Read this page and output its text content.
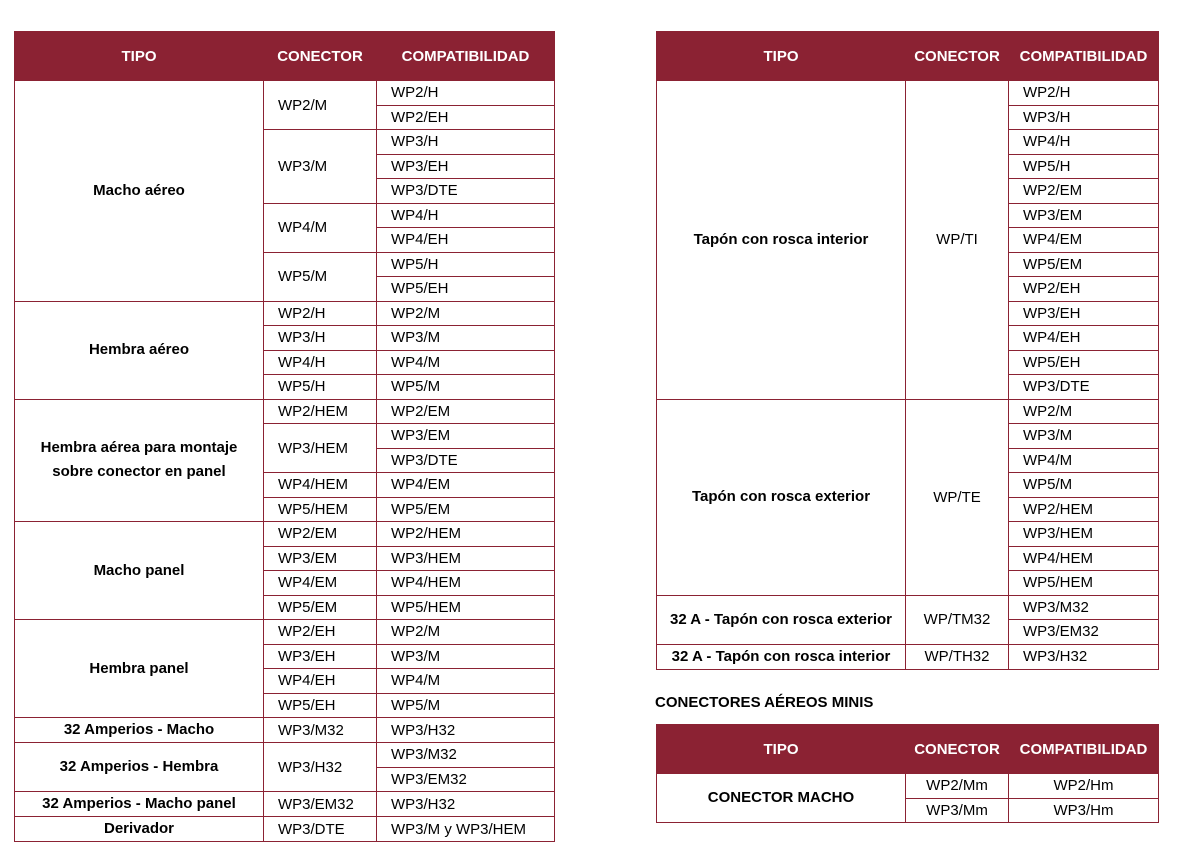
TIPO	CONECTOR	COMPATIBILIDAD
Macho aéreo	WP2/M	WP2/H
		WP2/EH
	WP3/M	WP3/H
		WP3/EH
		WP3/DTE
	WP4/M	WP4/H
		WP4/EH
	WP5/M	WP5/H
		WP5/EH
Hembra aéreo	WP2/H	WP2/M
	WP3/H	WP3/M
	WP4/H	WP4/M
	WP5/H	WP5/M
Hembra aérea para montaje sobre conector en panel	WP2/HEM	WP2/EM
	WP3/HEM	WP3/EM
		WP3/DTE
	WP4/HEM	WP4/EM
	WP5/HEM	WP5/EM
Macho panel	WP2/EM	WP2/HEM
	WP3/EM	WP3/HEM
	WP4/EM	WP4/HEM
	WP5/EM	WP5/HEM
Hembra panel	WP2/EH	WP2/M
	WP3/EH	WP3/M
	WP4/EH	WP4/M
	WP5/EH	WP5/M
32 Amperios - Macho	WP3/M32	WP3/H32
32 Amperios - Hembra	WP3/H32	WP3/M32
		WP3/EM32
32 Amperios - Macho panel	WP3/EM32	WP3/H32
Derivador	WP3/DTE	WP3/M y WP3/HEM
TIPO	CONECTOR	COMPATIBILIDAD
Tapón con rosca interior	WP/TI	WP2/H
		WP3/H
		WP4/H
		WP5/H
		WP2/EM
		WP3/EM
		WP4/EM
		WP5/EM
		WP2/EH
		WP3/EH
		WP4/EH
		WP5/EH
		WP3/DTE
Tapón con rosca exterior	WP/TE	WP2/M
		WP3/M
		WP4/M
		WP5/M
		WP2/HEM
		WP3/HEM
		WP4/HEM
		WP5/HEM
32 A - Tapón con rosca exterior	WP/TM32	WP3/M32
		WP3/EM32
32 A - Tapón con rosca interior	WP/TH32	WP3/H32
CONECTORES AÉREOS MINIS
TIPO	CONECTOR	COMPATIBILIDAD
CONECTOR MACHO	WP2/Mm	WP2/Hm
	WP3/Mm	WP3/Hm
